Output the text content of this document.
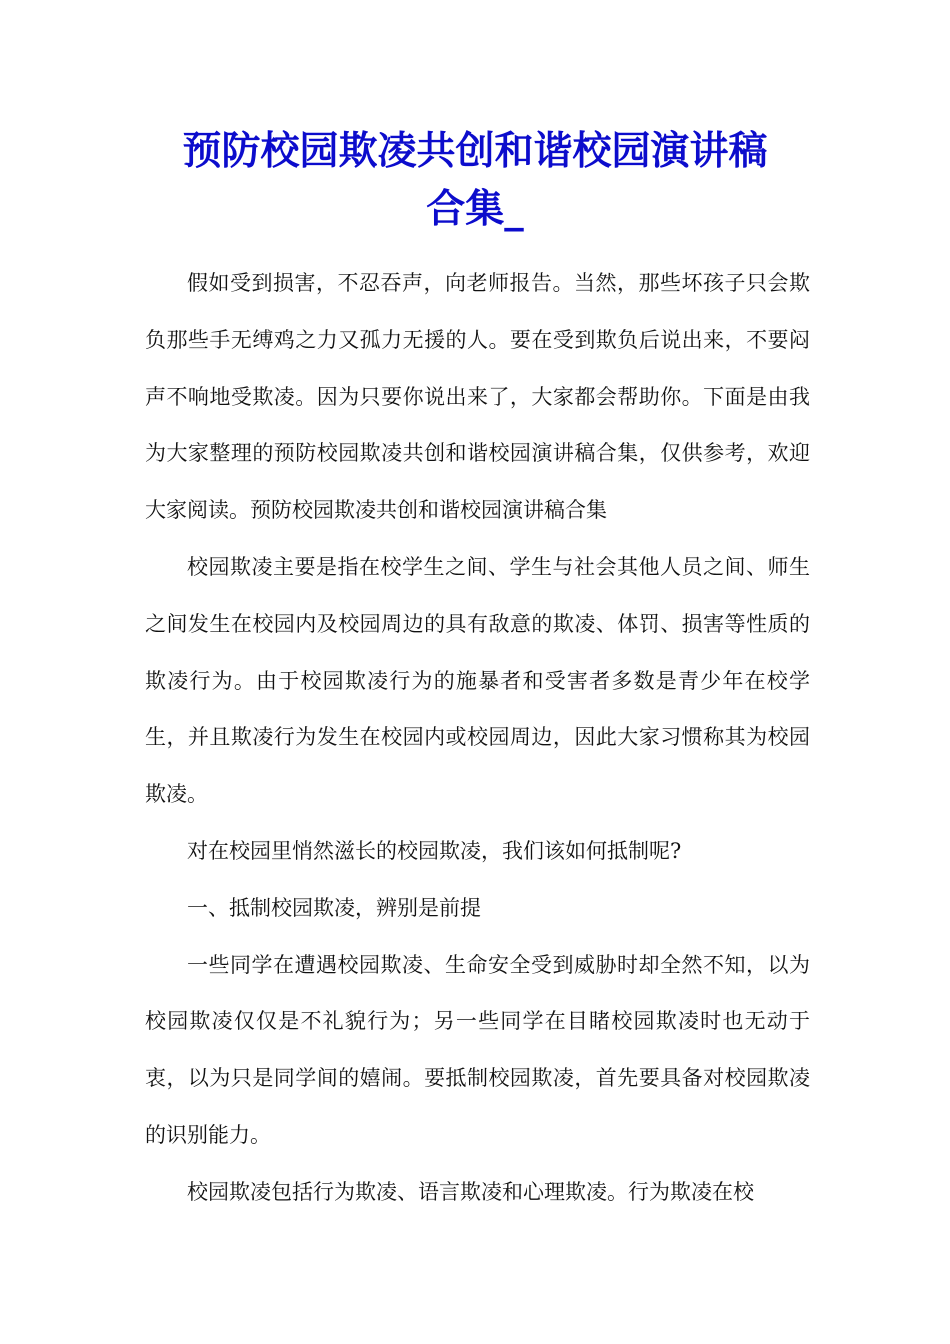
预防校园欺凌共创和谐校园演讲稿
合集_

假如受到损害，不忍吞声，向老师报告。当然，那些坏孩子只会欺负那些手无缚鸡之力又孤力无援的人。要在受到欺负后说出来，不要闷声不响地受欺凌。因为只要你说出来了，大家都会帮助你。下面是由我为大家整理的预防校园欺凌共创和谐校园演讲稿合集，仅供参考，欢迎大家阅读。预防校园欺凌共创和谐校园演讲稿合集

校园欺凌主要是指在校学生之间、学生与社会其他人员之间、师生之间发生在校园内及校园周边的具有敌意的欺凌、体罚、损害等性质的欺凌行为。由于校园欺凌行为的施暴者和受害者多数是青少年在校学生，并且欺凌行为发生在校园内或校园周边，因此大家习惯称其为校园欺凌。

对在校园里悄然滋长的校园欺凌，我们该如何抵制呢?

一、抵制校园欺凌，辨别是前提

一些同学在遭遇校园欺凌、生命安全受到威胁时却全然不知，以为校园欺凌仅仅是不礼貌行为；另一些同学在目睹校园欺凌时也无动于衷，以为只是同学间的嬉闹。要抵制校园欺凌，首先要具备对校园欺凌的识别能力。

校园欺凌包括行为欺凌、语言欺凌和心理欺凌。行为欺凌在校
